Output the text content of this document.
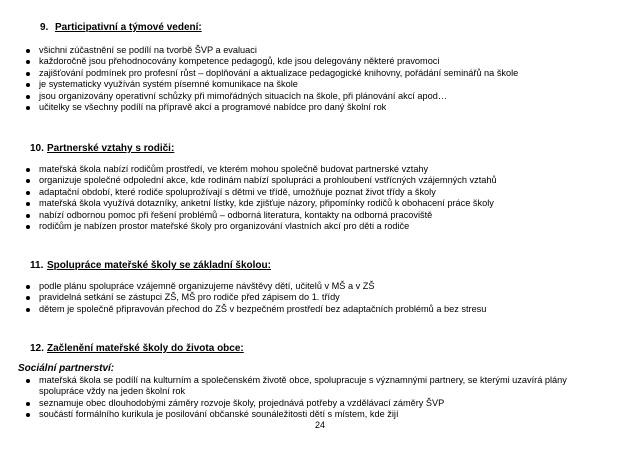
9. Participativní a týmové vedení:
všichni zúčastnění se podílí na tvorbě ŠVP a evaluaci
každoročně jsou přehodnocovány kompetence pedagogů, kde jsou delegovány některé pravomoci
zajišťování podmínek pro profesní růst – doplňování a aktualizace pedagogické knihovny, pořádání seminářů na škole
je systematicky využíván systém písemné komunikace na škole
jsou organizovány operativní schůzky při mimořádných situacích na škole, při plánování akcí apod…
učitelky se všechny podílí na přípravě akcí a programové nabídce pro daný školní rok
10. Partnerské vztahy s rodiči:
mateřská škola nabízí rodičům prostředí, ve kterém mohou společně budovat partnerské vztahy
organizuje společné odpolední akce, kde rodinám nabízí spolupráci a prohloubení vstřícných vzájemných vztahů
adaptační období, které rodiče spoluprožívají s dětmi ve třídě, umožňuje poznat život třídy a školy
mateřská škola využívá dotazníky, anketní lístky, kde zjišťuje názory, připomínky rodičů k obohacení práce školy
nabízí odbornou pomoc při řešení problémů – odborná literatura, kontakty na odborná pracoviště
rodičům je nabízen prostor mateřské školy pro organizování vlastních akcí pro děti a rodiče
11. Spolupráce mateřské školy se základní školou:
podle plánu spolupráce vzájemně organizujeme návštěvy dětí, učitelů v MŠ a v ZŠ
pravidelná setkání se zástupci ZŠ, MŠ pro rodiče před zápisem do 1. třídy
dětem je společně připravován přechod do ZŠ v bezpečném prostředí bez adaptačních problémů a bez stresu
12. Začlenění mateřské školy do života obce:
Sociální partnerství:
mateřská škola se podílí na kulturním a společenském životě obce, spolupracuje s významnými partnery, se kterými uzavírá plány spolupráce vždy na jeden školní rok
seznamuje obec dlouhodobými záměry rozvoje školy, projednává potřeby a vzdělávací záměry ŠVP
součástí formálního kurikula je posilování občanské sounáležitosti dětí s místem, kde žijí
24
